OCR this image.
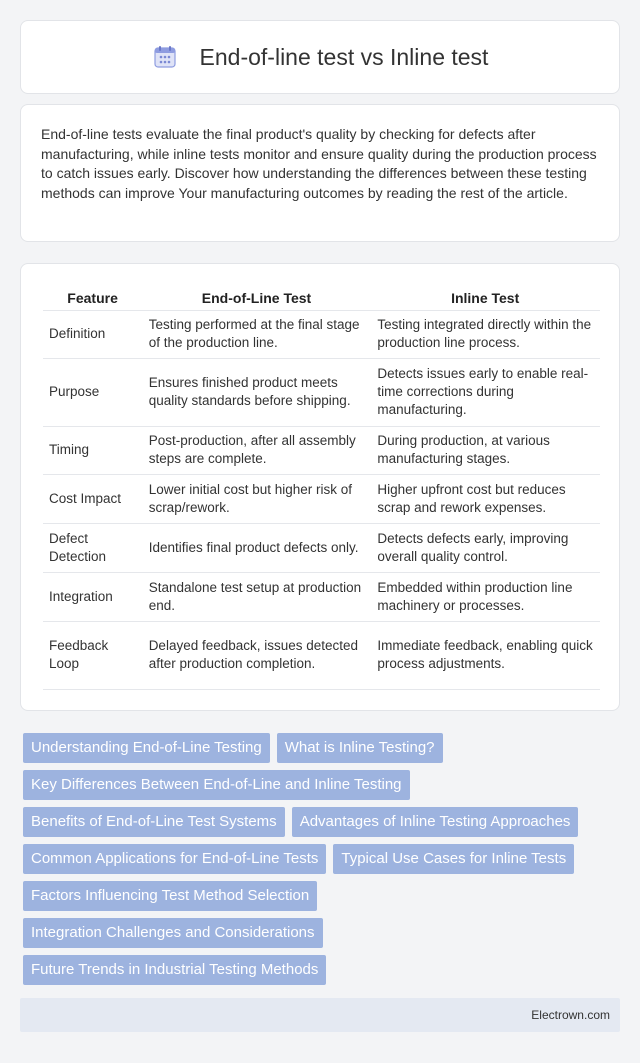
End-of-line test vs Inline test

End-of-line tests evaluate the final product's quality by checking for defects after manufacturing, while inline tests monitor and ensure quality during the production process to catch issues early. Discover how understanding the differences between these testing methods can improve Your manufacturing outcomes by reading the rest of the article.

Feature	End-of-Line Test	Inline Test
Definition	Testing performed at the final stage of the production line.	Testing integrated directly within the production line process.
Purpose	Ensures finished product meets quality standards before shipping.	Detects issues early to enable real-time corrections during manufacturing.
Timing	Post-production, after all assembly steps are complete.	During production, at various manufacturing stages.
Cost Impact	Lower initial cost but higher risk of scrap/rework.	Higher upfront cost but reduces scrap and rework expenses.
Defect Detection	Identifies final product defects only.	Detects defects early, improving overall quality control.
Integration	Standalone test setup at production end.	Embedded within production line machinery or processes.
Feedback Loop	Delayed feedback, issues detected after production completion.	Immediate feedback, enabling quick process adjustments.
Understanding End-of-Line Testing	What is Inline Testing?
Key Differences Between End-of-Line and Inline Testing
Benefits of End-of-Line Test Systems	Advantages of Inline Testing Approaches
Common Applications for End-of-Line Tests	Typical Use Cases for Inline Tests
Factors Influencing Test Method Selection
Integration Challenges and Considerations
Future Trends in Industrial Testing Methods
Electrown.com
